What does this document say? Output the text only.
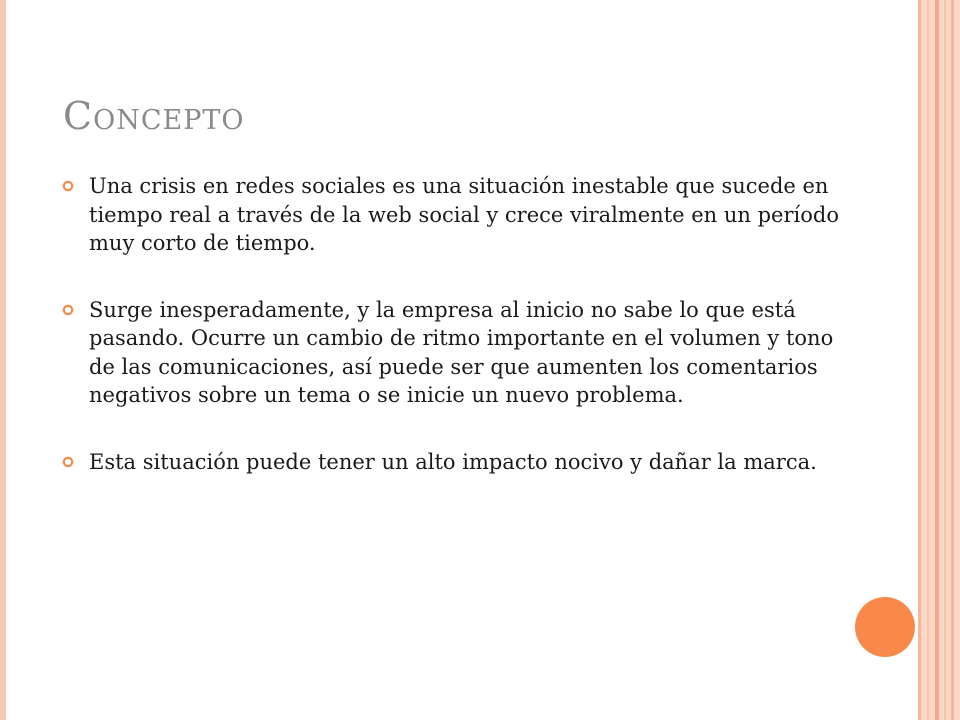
Concepto
Una crisis en redes sociales es una situación inestable que sucede en tiempo real a través de la web social y crece viralmente en un período muy corto de tiempo.
Surge inesperadamente, y la empresa al inicio no sabe lo que está pasando. Ocurre un cambio de ritmo importante en el volumen y tono de las comunicaciones, así puede ser que aumenten los comentarios negativos sobre un tema o se inicie un nuevo problema.
Esta situación puede tener un alto impacto nocivo y dañar la marca.
